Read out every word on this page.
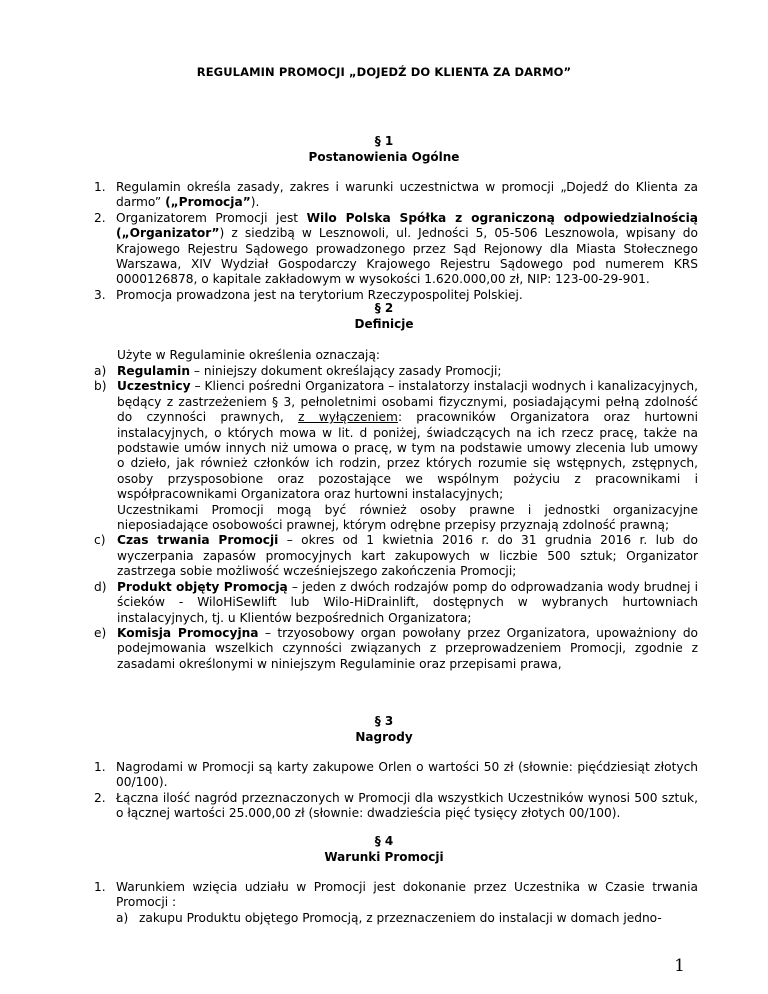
REGULAMIN PROMOCJI „DOJEDŹ DO KLIENTA ZA DARMO”
§ 1
Postanowienia Ogólne
1. Regulamin określa zasady, zakres i warunki uczestnictwa w promocji „Dojedź do Klienta za darmo” („Promocja”).

2. Organizatorem Promocji jest Wilo Polska Spółka z ograniczoną odpowiedzialnością („Organizator”) z siedzibą w Lesznowoli, ul. Jedności 5, 05-506 Lesznowola, wpisany do Krajowego Rejestru Sądowego prowadzonego przez Sąd Rejonowy dla Miasta Stołecznego Warszawa, XIV Wydział Gospodarczy Krajowego Rejestru Sądowego pod numerem KRS 0000126878, o kapitale zakładowym w wysokości 1.620.000,00 zł, NIP: 123-00-29-901.

3. Promocja prowadzona jest na terytorium Rzeczypospolitej Polskiej.

§ 2
Definicje

Użyte w Regulaminie określenia oznaczają:

a) Regulamin – niniejszy dokument określający zasady Promocji;

b) Uczestnicy – Klienci pośredni Organizatora – instalatorzy instalacji wodnych i kanalizacyjnych, będący z zastrzeżeniem § 3, pełnoletnimi osobami fizycznymi, posiadającymi pełną zdolność do czynności prawnych, z wyłączeniem: pracowników Organizatora oraz hurtowni instalacyjnych, o których mowa w lit. d poniżej, świadczących na ich rzecz pracę, także na podstawie umów innych niż umowa o pracę, w tym na podstawie umowy zlecenia lub umowy o dzieło, jak również członków ich rodzin, przez których rozumie się wstępnych, zstępnych, osoby przysposobione oraz pozostające we wspólnym pożyciu z pracownikami i współpracownikami Organizatora oraz hurtowni instalacyjnych;

Uczestnikami Promocji mogą być również osoby prawne i jednostki organizacyjne nieposiadające osobowości prawnej, którym odrębne przepisy przyznają zdolność prawną;

c) Czas trwania Promocji – okres od 1 kwietnia 2016 r. do 31 grudnia 2016 r. lub do wyczerpania zapasów promocyjnych kart zakupowych w liczbie 500 sztuk; Organizator zastrzega sobie możliwość wcześniejszego zakończenia Promocji;

d) Produkt objęty Promocją – jeden z dwóch rodzajów pomp do odprowadzania wody brudnej i ścieków - WiloHiSewlift lub Wilo-HiDrainlift, dostępnych w wybranych hurtowniach instalacyjnych, tj. u Klientów bezpośrednich Organizatora;

e) Komisja Promocyjna – trzyosobowy organ powołany przez Organizatora, upoważniony do podejmowania wszelkich czynności związanych z przeprowadzeniem Promocji, zgodnie z zasadami określonymi w niniejszym Regulaminie oraz przepisami prawa,

§ 3
Nagrody
1. Nagrodami w Promocji są karty zakupowe Orlen o wartości 50 zł (słownie: pięćdziesiąt złotych 00/100).

2. Łączna ilość nagród przeznaczonych w Promocji dla wszystkich Uczestników wynosi 500 sztuk, o łącznej wartości 25.000,00 zł (słownie: dwadzieścia pięć tysięcy złotych 00/100).

§ 4
Warunki Promocji
1. Warunkiem wzięcia udziału w Promocji jest dokonanie przez Uczestnika w Czasie trwania Promocji :

a) zakupu Produktu objętego Promocją, z przeznaczeniem do instalacji w domach jedno-

1
